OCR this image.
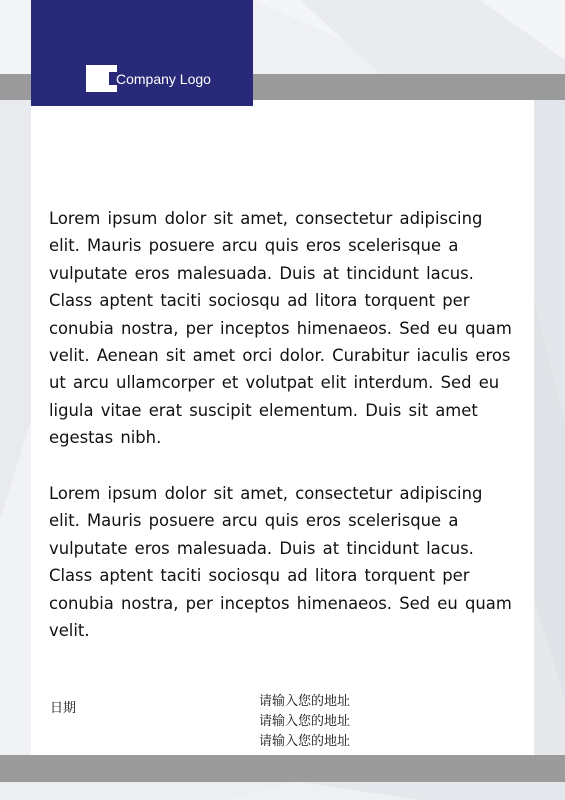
Company Logo

Lorem ipsum dolor sit amet, consectetur adipiscing elit. Mauris posuere arcu quis eros scelerisque a vulputate eros malesuada. Duis at tincidunt lacus. Class aptent taciti sociosqu ad litora torquent per conubia nostra, per inceptos himenaeos. Sed eu quam velit. Aenean sit amet orci dolor. Curabitur iaculis eros ut arcu ullamcorper et volutpat elit interdum. Sed eu ligula vitae erat suscipit elementum. Duis sit amet egestas nibh.

Lorem ipsum dolor sit amet, consectetur adipiscing elit. Mauris posuere arcu quis eros scelerisque a vulputate eros malesuada. Duis at tincidunt lacus. Class aptent taciti sociosqu ad litora torquent per conubia nostra, per inceptos himenaeos. Sed eu quam velit.

日期	请输入您的地址
请输入您的地址
请输入您的地址
